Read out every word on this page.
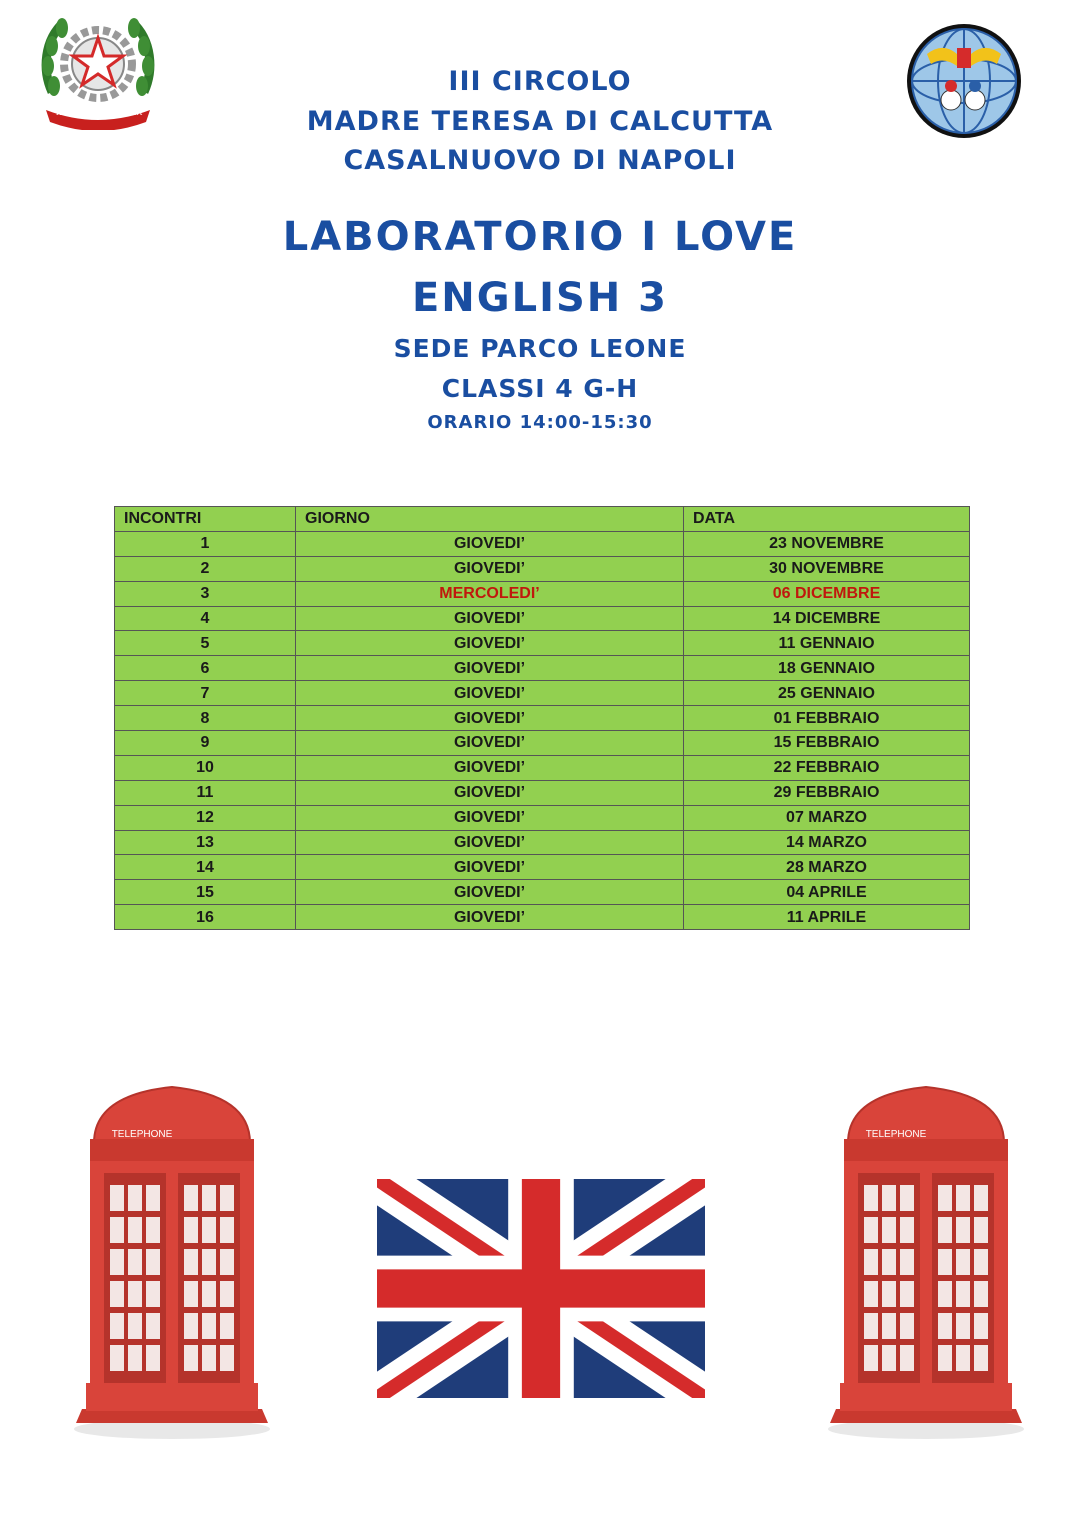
REPVBBLICA ITALIANA
III CIRCOLO
MADRE TERESA DI CALCUTTA
CASALNUOVO DI NAPOLI
LABORATORIO I LOVE
ENGLISH 3
SEDE PARCO LEONE
CLASSI 4 G-H
ORARIO 14:00-15:30
INCONTRI	GIORNO	DATA
1	GIOVEDI’	23 NOVEMBRE
2	GIOVEDI’	30 NOVEMBRE
3	MERCOLEDI’	06 DICEMBRE
4	GIOVEDI’	14 DICEMBRE
5	GIOVEDI’	11 GENNAIO
6	GIOVEDI’	18 GENNAIO
7	GIOVEDI’	25 GENNAIO
8	GIOVEDI’	01 FEBBRAIO
9	GIOVEDI’	15 FEBBRAIO
10	GIOVEDI’	22 FEBBRAIO
11	GIOVEDI’	29 FEBBRAIO
12	GIOVEDI’	07 MARZO
13	GIOVEDI’	14 MARZO
14	GIOVEDI’	28 MARZO
15	GIOVEDI’	04 APRILE
16	GIOVEDI’	11 APRILE
TELEPHONE	TELEPHONE
